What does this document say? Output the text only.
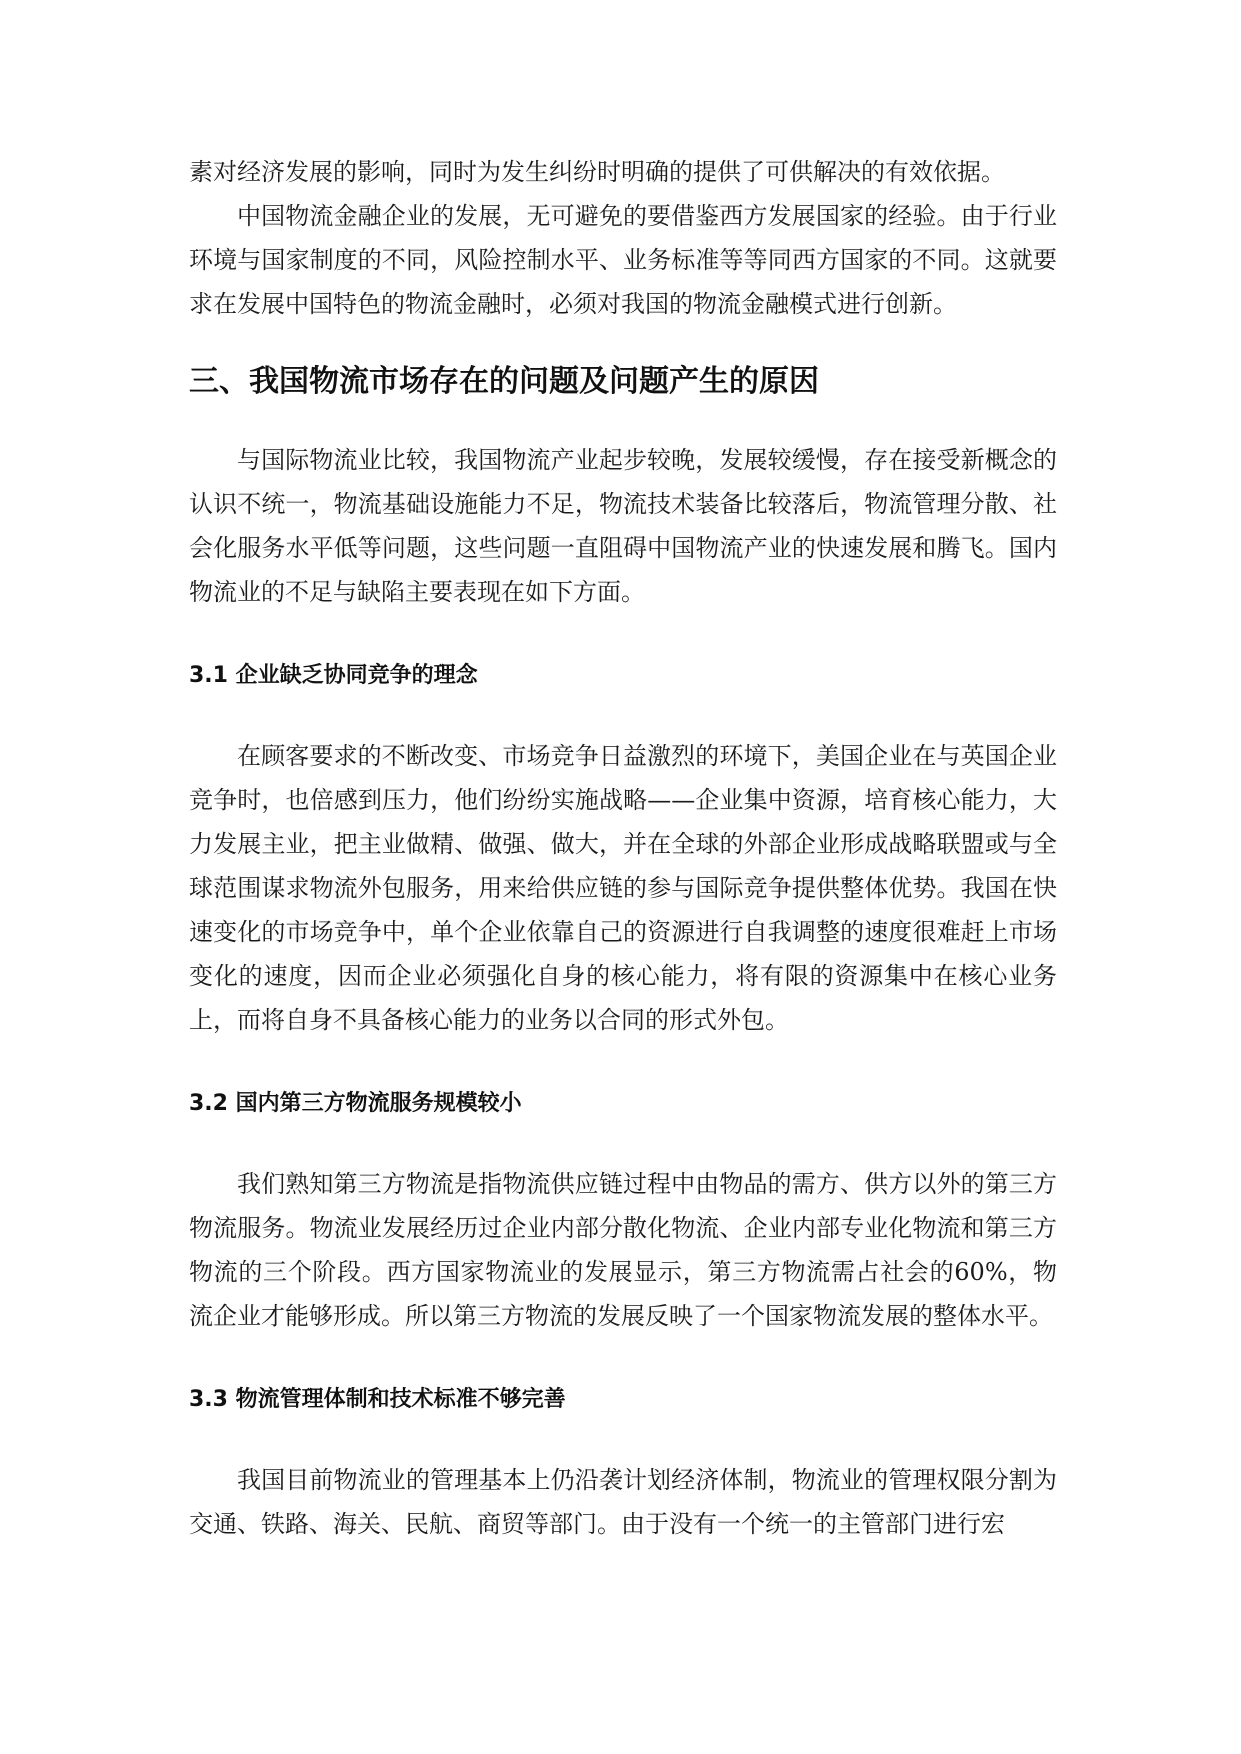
素对经济发展的影响，同时为发生纠纷时明确的提供了可供解决的有效依据。

中国物流金融企业的发展，无可避免的要借鉴西方发展国家的经验。由于行业环境与国家制度的不同，风险控制水平、业务标准等等同西方国家的不同。这就要求在发展中国特色的物流金融时，必须对我国的物流金融模式进行创新。

三、我国物流市场存在的问题及问题产生的原因

与国际物流业比较，我国物流产业起步较晚，发展较缓慢，存在接受新概念的认识不统一，物流基础设施能力不足，物流技术装备比较落后，物流管理分散、社会化服务水平低等问题，这些问题一直阻碍中国物流产业的快速发展和腾飞。国内物流业的不足与缺陷主要表现在如下方面。

3.1 企业缺乏协同竞争的理念

在顾客要求的不断改变、市场竞争日益激烈的环境下，美国企业在与英国企业竞争时，也倍感到压力，他们纷纷实施战略——企业集中资源，培育核心能力，大力发展主业，把主业做精、做强、做大，并在全球的外部企业形成战略联盟或与全球范围谋求物流外包服务，用来给供应链的参与国际竞争提供整体优势。我国在快速变化的市场竞争中，单个企业依靠自己的资源进行自我调整的速度很难赶上市场变化的速度，因而企业必须强化自身的核心能力，将有限的资源集中在核心业务上，而将自身不具备核心能力的业务以合同的形式外包。

3.2 国内第三方物流服务规模较小

我们熟知第三方物流是指物流供应链过程中由物品的需方、供方以外的第三方物流服务。物流业发展经历过企业内部分散化物流、企业内部专业化物流和第三方物流的三个阶段。西方国家物流业的发展显示，第三方物流需占社会的60%，物流企业才能够形成。所以第三方物流的发展反映了一个国家物流发展的整体水平。

3.3 物流管理体制和技术标准不够完善

我国目前物流业的管理基本上仍沿袭计划经济体制，物流业的管理权限分割为交通、铁路、海关、民航、商贸等部门。由于没有一个统一的主管部门进行宏
